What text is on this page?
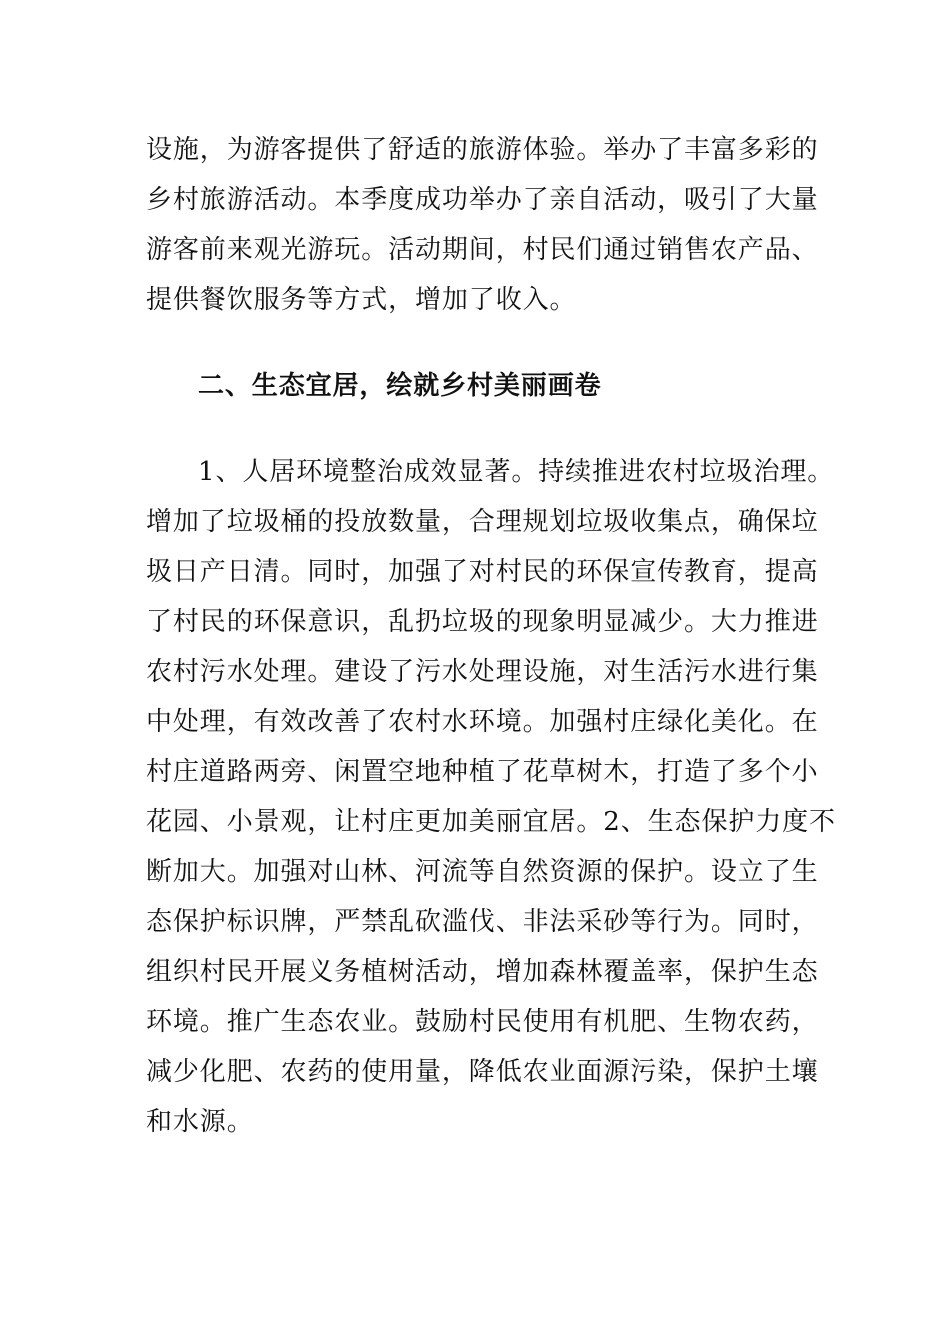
设施，为游客提供了舒适的旅游体验。举办了丰富多彩的
乡村旅游活动。本季度成功举办了亲自活动，吸引了大量
游客前来观光游玩。活动期间，村民们通过销售农产品、
提供餐饮服务等方式，增加了收入。
二、生态宜居，绘就乡村美丽画卷
1、人居环境整治成效显著。持续推进农村垃圾治理。
增加了垃圾桶的投放数量，合理规划垃圾收集点，确保垃
圾日产日清。同时，加强了对村民的环保宣传教育，提高
了村民的环保意识，乱扔垃圾的现象明显减少。大力推进
农村污水处理。建设了污水处理设施，对生活污水进行集
中处理，有效改善了农村水环境。加强村庄绿化美化。在
村庄道路两旁、闲置空地种植了花草树木，打造了多个小
花园、小景观，让村庄更加美丽宜居。2、生态保护力度不
断加大。加强对山林、河流等自然资源的保护。设立了生
态保护标识牌，严禁乱砍滥伐、非法采砂等行为。同时，
组织村民开展义务植树活动，增加森林覆盖率，保护生态
环境。推广生态农业。鼓励村民使用有机肥、生物农药，
减少化肥、农药的使用量，降低农业面源污染，保护土壤
和水源。
